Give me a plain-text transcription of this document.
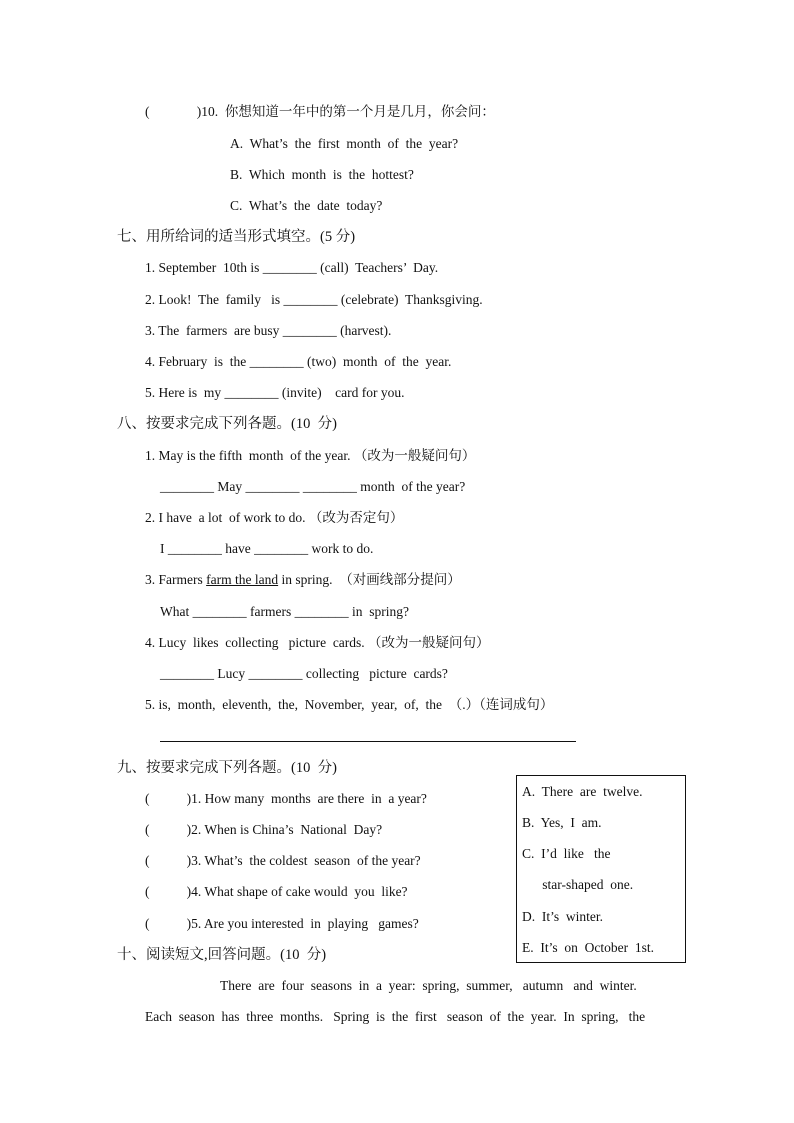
(              )10.  你想知道一年中的第一个月是几月，你会问：
A.  What’s  the  first  month  of  the  year?
B.  Which  month  is  the  hottest?
C.  What’s  the  date  today?
七、用所给词的适当形式填空。(5 分)
1. September  10th is ________ (call)  Teachers’  Day.
2. Look!  The  family   is ________ (celebrate)  Thanksgiving.
3. The  farmers  are busy ________ (harvest).
4. February  is  the ________ (two)  month  of  the  year.
5. Here is  my ________ (invite)    card for you.
八、按要求完成下列各题。(10  分)
1. May is the fifth  month  of the year. （改为一般疑问句）
________ May ________ ________ month  of the year?
2. I have  a lot  of work to do. （改为否定句）
I ________ have ________ work to do.
3. Farmers farm the land in spring.  （对画线部分提问）
What ________ farmers ________ in  spring?
4. Lucy  likes  collecting   picture  cards. （改为一般疑问句）
________ Lucy ________ collecting   picture  cards?
5. is,  month,  eleventh,  the,  November,  year,  of,  the  （.）（连词成句）
九、按要求完成下列各题。(10  分)
(           )1. How many  months  are there  in  a year?
(           )2. When is China’s  National  Day?
(           )3. What’s  the coldest  season  of the year?
(           )4. What shape of cake would  you  like?
(           )5. Are you interested  in  playing   games?
A.  There  are  twelve.
B.  Yes,  I  am.
C.  I’d  like   the
star-shaped  one.
D.  It’s  winter.
E.  It’s  on  October  1st.
十、阅读短文,回答问题。(10  分)
There  are  four  seasons  in  a  year:  spring,  summer,   autumn   and  winter.
Each  season  has  three  months.   Spring  is  the  first   season  of  the  year.  In  spring,   the
